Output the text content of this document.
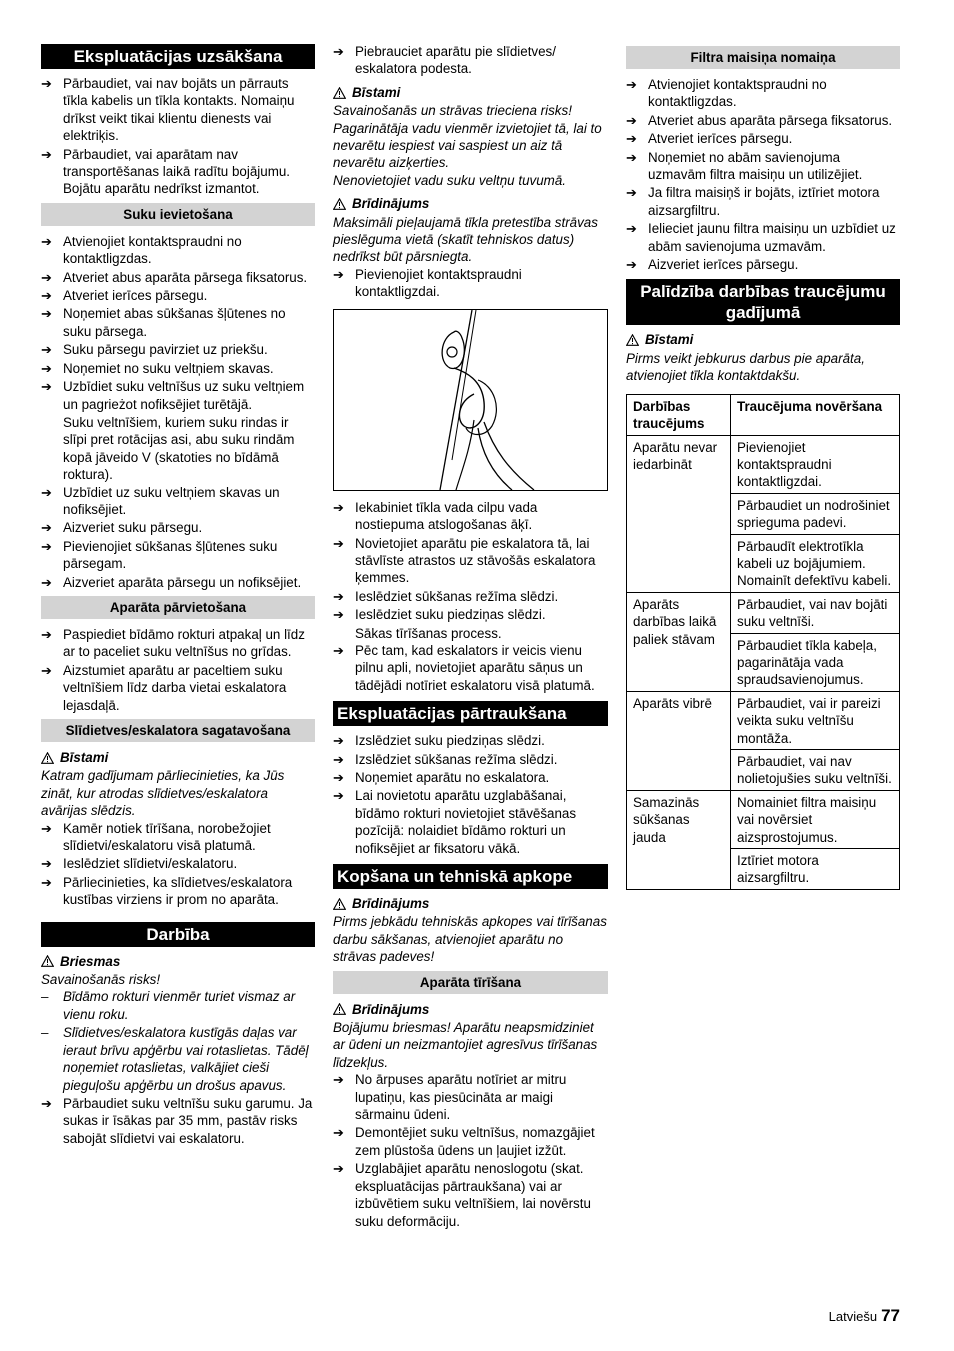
Ekspluatācijas uzsākšana
➔ Pārbaudiet, vai nav bojāts un pārrauts tīkla kabelis un tīkla kontakts. Nomaiņu drīkst veikt tikai klientu dienests vai elektriķis.
➔ Pārbaudiet, vai aparātam nav transportēšanas laikā radītu bojājumu. Bojātu aparātu nedrīkst izmantot.
Suku ievietošana
➔ Atvienojiet kontaktspraudni no kontaktligzdas.
➔ Atveriet abus aparāta pārsega fiksatorus.
➔ Atveriet ierīces pārsegu.
➔ Noņemiet abas sūkšanas šļūtenes no suku pārsega.
➔ Suku pārsegu pavirziet uz priekšu.
➔ Noņemiet no suku veltņiem skavas.
➔ Uzbīdiet suku veltnīšus uz suku veltņiem un pagrieżot nofiksējiet turētājā.
Suku veltnīšiem, kuriem suku rindas ir slīpi pret rotācijas asi, abu suku rindām kopā jāveido V (skatoties no bīdāmā roktura).
➔ Uzbīdiet uz suku veltņiem skavas un nofiksējiet.
➔ Aizveriet suku pārsegu.
➔ Pievienojiet sūkšanas šļūtenes suku pārsegam.
➔ Aizveriet aparāta pārsegu un nofiksējiet.
Aparāta pārvietošana
➔ Paspiediet bīdāmo rokturi atpakaļ un līdz ar to paceliet suku veltnīšus no grīdas.
➔ Aizstumiet aparātu ar paceltiem suku veltnīšiem līdz darba vietai eskalatora lejasdaļā.
Slīdietves/eskalatora sagatavošana
Bīstami
Katram gadījumam pārliecinieties, ka Jūs zināt, kur atrodas slīdietves/eskalatora avārijas slēdzis.
➔ Kamēr notiek tīrīšana, norobežojiet slīdietvi/eskalatoru visā platumā.
➔ Ieslēdziet slīdietvi/eskalatoru.
➔ Pārliecinieties, ka slīdietves/eskalatora kustības virziens ir prom no aparāta.
Darbība
Briesmas
Savainošanās risks!
–	Bīdāmo rokturi vienmēr turiet vismaz ar vienu roku.
–	Slīdietves/eskalatora kustīgās daļas var ieraut brīvu apģērbu vai rotaslietas. Tādēļ noņemiet rotaslietas, valkājiet cieši pieguļošu apģērbu un drošus apavus.
➔ Pārbaudiet suku veltnīšu suku garumu. Ja sukas ir īsākas par 35 mm, pastāv risks sabojāt slīdietvi vai eskalatoru.
➔ Piebrauciet aparātu pie slīdietves/ eskalatora podesta.
Bīstami
Savainošanās un strāvas trieciena risks! Pagarinātāja vadu vienmēr izvietojiet tā, lai to nevarētu iespiest vai saspiest un aiz tā nevarētu aizķerties.
Nenovietojiet vadu suku veltņu tuvumā.
Brīdinājums
Maksimāli pieļaujamā tīkla pretestība strāvas pieslēguma vietā (skatīt tehniskos datus) nedrīkst būt pārsniegta.
➔ Pievienojiet kontaktspraudni kontaktligzdai.
➔ Iekabiniet tīkla vada cilpu vada nostiepuma atslogošanas āķī.
➔ Novietojiet aparātu pie eskalatora tā, lai stāvlīste atrastos uz stāvošās eskalatora ķemmes.
➔ Ieslēdziet sūkšanas režīma slēdzi.
➔ Ieslēdziet suku piedziņas slēdzi.
Sākas tīrīšanas process.
➔ Pēc tam, kad eskalators ir veicis vienu pilnu apli, novietojiet aparātu sāņus un tādējādi notīriet eskalatoru visā platumā.
Ekspluatācijas pārtraukšana
➔ Izslēdziet suku piedziņas slēdzi.
➔ Izslēdziet sūkšanas režīma slēdzi.
➔ Noņemiet aparātu no eskalatora.
➔ Lai novietotu aparātu uzglabāšanai, bīdāmo rokturi novietojiet stāvēšanas pozīcijā: nolaidiet bīdāmo rokturi un nofiksējiet ar fiksatoru vākā.
Kopšana un tehniskā apkope
Brīdinājums
Pirms jebkādu tehniskās apkopes vai tīrīšanas darbu sākšanas, atvienojiet aparātu no strāvas padeves!
Aparāta tīrīšana
Brīdinājums
Bojājumu briesmas! Aparātu neapsmidziniet ar ūdeni un neizmantojiet agresīvus tīrīšanas līdzekļus.
➔ No ārpuses aparātu notīriet ar mitru lupatiņu, kas piesūcināta ar maigi sārmainu ūdeni.
➔ Demontējiet suku veltnīšus, nomazgājiet zem plūstoša ūdens un ļaujiet izžūt.
➔ Uzglabājiet aparātu nenoslogotu (skat. ekspluatācijas pārtraukšana) vai ar izbūvētiem suku veltnīšiem, lai novērstu suku deformāciju.
Filtra maisiņa nomaiņa
➔ Atvienojiet kontaktspraudni no kontaktligzdas.
➔ Atveriet abus aparāta pārsega fiksatorus.
➔ Atveriet ierīces pārsegu.
➔ Noņemiet no abām savienojuma uzmavām filtra maisiņu un utilizējiet.
➔ Ja filtra maisiņš ir bojāts, iztīriet motora aizsargfiltru.
➔ Ielieciet jaunu filtra maisiņu un uzbīdiet uz abām savienojuma uzmavām.
➔ Aizveriet ierīces pārsegu.
Palīdzība darbības traucējumu gadījumā
Bīstami
Pirms veikt jebkurus darbus pie aparāta, atvienojiet tīkla kontaktdakšu.
Darbības traucējums	Traucējuma novēršana
Aparātu nevar iedarbināt	Pievienojiet kontaktspraudni kontaktligzdai.
	Pārbaudiet un nodrošiniet sprieguma padevi.
	Pārbaudīt elektrotīkla kabeli uz bojājumiem. Nomainīt defektīvu kabeli.
Aparāts darbības laikā paliek stāvam	Pārbaudiet, vai nav bojāti suku veltnīši.
	Pārbaudiet tīkla kabeļa, pagarinātāja vada spraudsavienojumus.
Aparāts vibrē	Pārbaudiet, vai ir pareizi veikta suku veltnīšu montāža.
	Pārbaudiet, vai nav nolietojušies suku veltnīši.
Samazinās sūkšanas jauda	Nomainiet filtra maisiņu vai novērsiet aizsprostojumus.
	Iztīriet motora aizsargfiltru.
Latviešu 77
